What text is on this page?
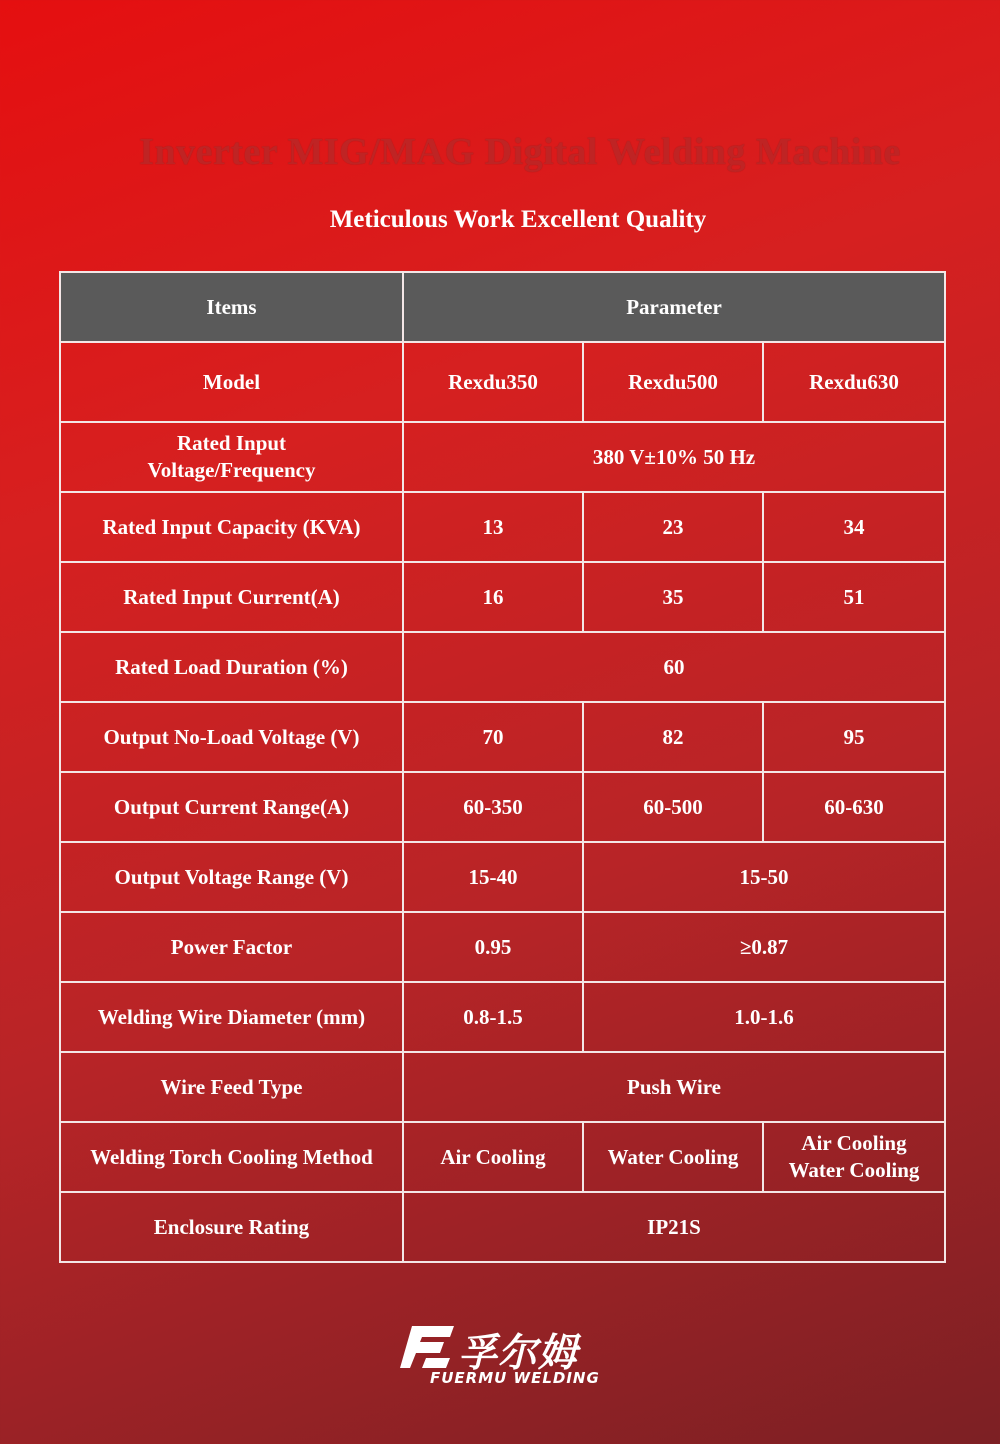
Inverter MIG/MAG Digital Welding Machine
Meticulous Work Excellent Quality
Items	Parameter		
Model	Rexdu350	Rexdu500	Rexdu630
Rated Input
Voltage/Frequency	380 V±10% 50 Hz		
Rated Input Capacity (KVA)	13	23	34
Rated Input Current(A)	16	35	51
Rated Load Duration (%)	60		
Output No-Load Voltage (V)	70	82	95
Output Current Range(A)	60-350	60-500	60-630
Output Voltage Range (V)	15-40	15-50	
Power Factor	0.95	≥0.87	
Welding Wire Diameter (mm)	0.8-1.5	1.0-1.6	
Wire Feed Type	Push Wire		
Welding Torch Cooling Method	Air Cooling	Water Cooling	Air Cooling
Water Cooling
Enclosure Rating	IP21S		
孚尔姆
FUERMU WELDING
